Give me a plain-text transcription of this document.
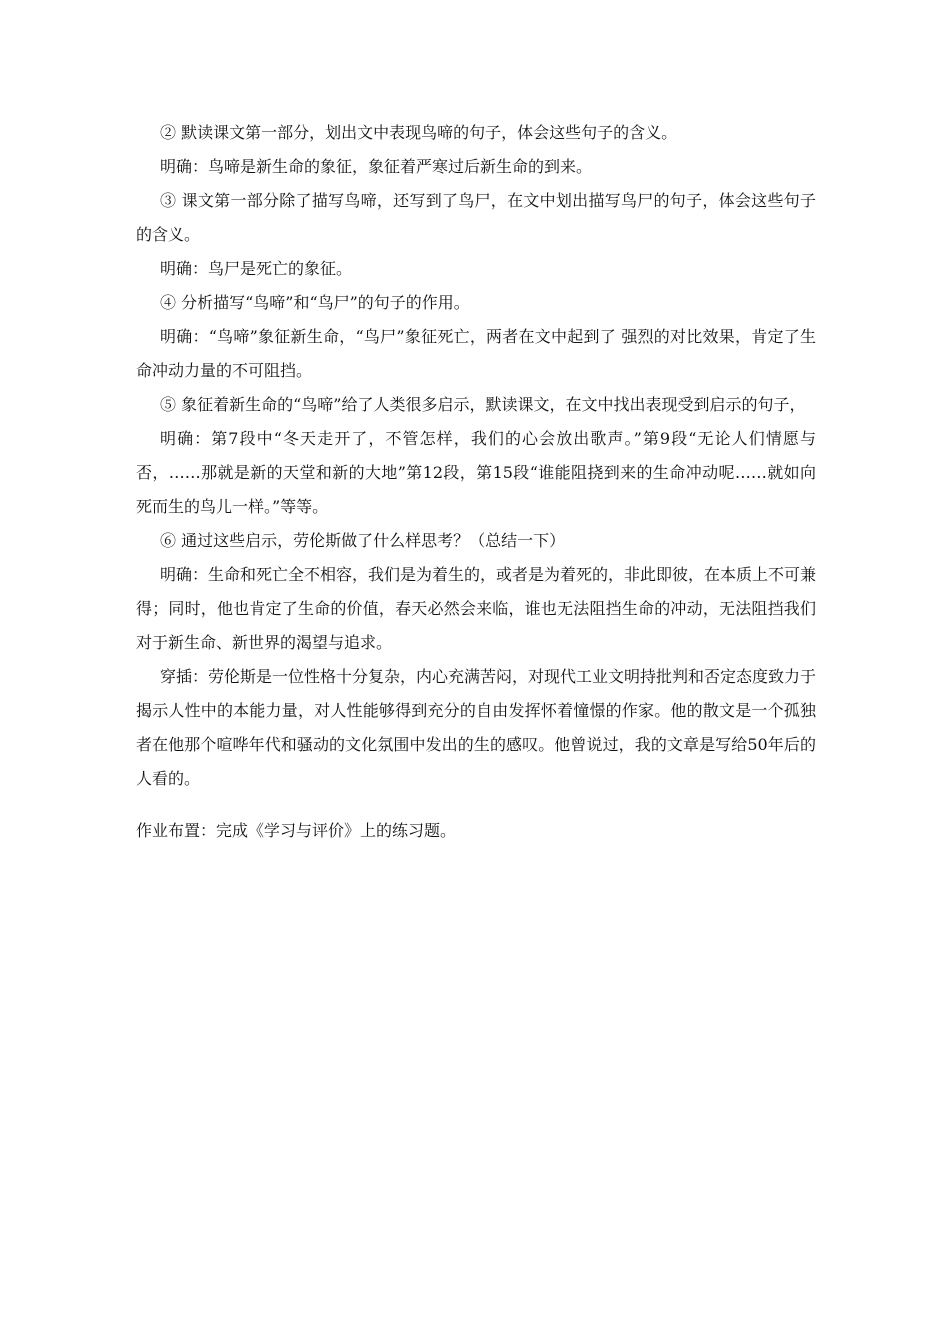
② 默读课文第一部分，划出文中表现鸟啼的句子，体会这些句子的含义。

明确：鸟啼是新生命的象征，象征着严寒过后新生命的到来。

③ 课文第一部分除了描写鸟啼，还写到了鸟尸，在文中划出描写鸟尸的句子，体会这些句子的含义。

明确：鸟尸是死亡的象征。

④ 分析描写“鸟啼”和“鸟尸”的句子的作用。

明确：“鸟啼”象征新生命，“鸟尸”象征死亡，两者在文中起到了 强烈的对比效果，肯定了生命冲动力量的不可阻挡。

⑤ 象征着新生命的“鸟啼”给了人类很多启示，默读课文，在文中找出表现受到启示的句子，

明确：第7段中“冬天走开了，不管怎样，我们的心会放出歌声。”第9段“无论人们情愿与否，……那就是新的天堂和新的大地”第12段，第15段“谁能阻挠到来的生命冲动呢……就如向死而生的鸟儿一样。”等等。

⑥ 通过这些启示，劳伦斯做了什么样思考？（总结一下）

明确：生命和死亡全不相容，我们是为着生的，或者是为着死的，非此即彼，在本质上不可兼得；同时，他也肯定了生命的价值，春天必然会来临，谁也无法阻挡生命的冲动，无法阻挡我们对于新生命、新世界的渴望与追求。

穿插：劳伦斯是一位性格十分复杂，内心充满苦闷，对现代工业文明持批判和否定态度致力于揭示人性中的本能力量，对人性能够得到充分的自由发挥怀着憧憬的作家。他的散文是一个孤独者在他那个喧哗年代和骚动的文化氛围中发出的生的感叹。他曾说过，我的文章是写给50年后的人看的。

作业布置：完成《学习与评价》上的练习题。
